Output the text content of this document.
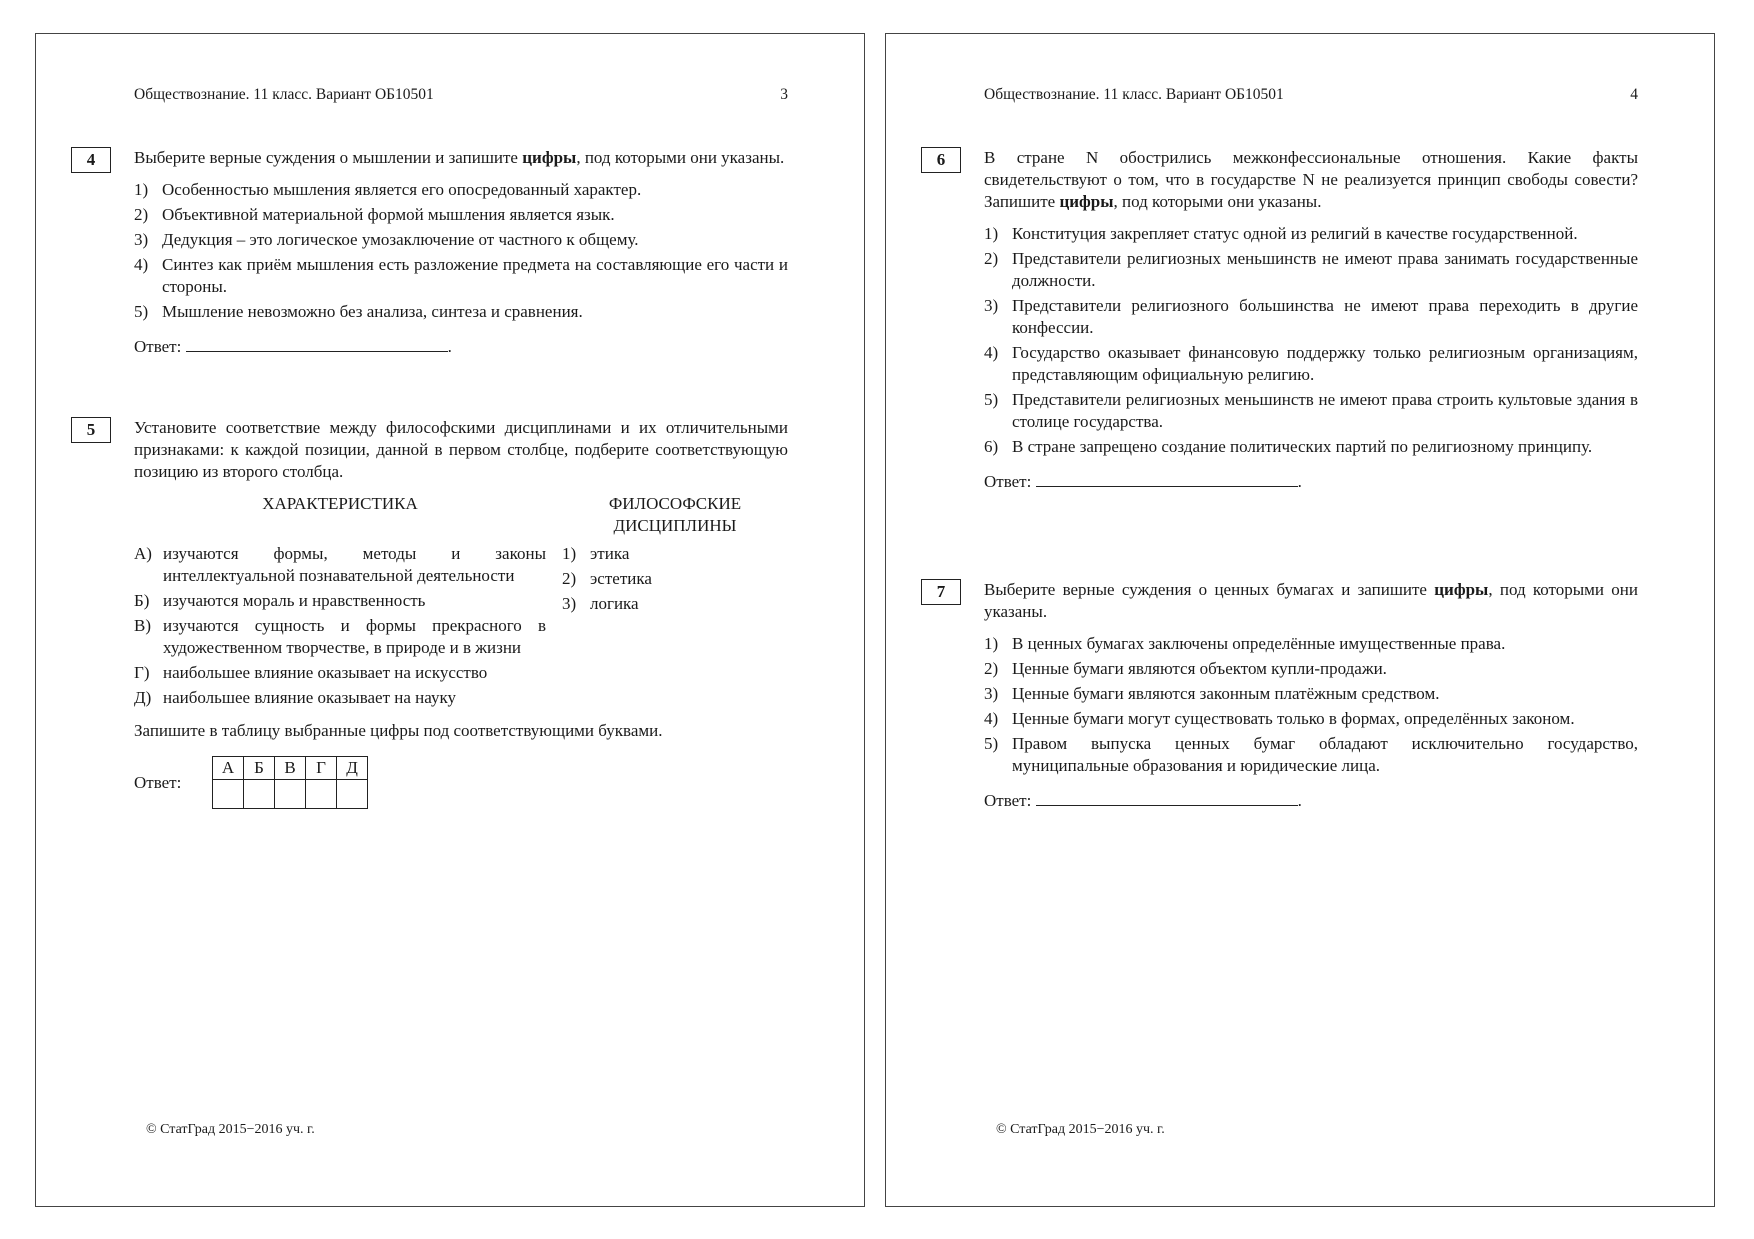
Обществознание. 11 класс. Вариант ОБ10501	3
4	Выберите верные суждения о мышлении и запишите цифры, под которыми они указаны.

1) Особенностью мышления является его опосредованный характер.
2) Объективной материальной формой мышления является язык.
3) Дедукция – это логическое умозаключение от частного к общему.
4) Синтез как приём мышления есть разложение предмета на составляющие его части и стороны.
5) Мышление невозможно без анализа, синтеза и сравнения.
Ответ:	.
5	Установите соответствие между философскими дисциплинами и их отличительными признаками: к каждой позиции, данной в первом столбце, подберите соответствующую позицию из второго столбца.

ХАРАКТЕРИСТИКА
А) изучаются формы, методы и законы интеллектуальной познавательной деятельности
Б) изучаются мораль и нравственность
В) изучаются сущность и формы прекрасного в художественном творчестве, в природе и в жизни
Г) наибольшее влияние оказывает на искусство
Д) наибольшее влияние оказывает на науку
ФИЛОСОФСКИЕ
ДИСЦИПЛИНЫ
1) этика
2) эстетика
3) логика

Запишите в таблицу выбранные цифры под соответствующими буквами.

Ответ:
А	Б	В	Г	Д

© СтатГрад 2015−2016 уч. г.
Обществознание. 11 класс. Вариант ОБ10501	4
6	В стране N обострились межконфессиональные отношения. Какие факты свидетельствуют о том, что в государстве N не реализуется принцип свободы совести? Запишите цифры, под которыми они указаны.

1) Конституция закрепляет статус одной из религий в качестве государственной.
2) Представители религиозных меньшинств не имеют права занимать государственные должности.
3) Представители религиозного большинства не имеют права переходить в другие конфессии.
4) Государство оказывает финансовую поддержку только религиозным организациям, представляющим официальную религию.
5) Представители религиозных меньшинств не имеют права строить культовые здания в столице государства.
6) В стране запрещено создание политических партий по религиозному принципу.
Ответ:	.
7	Выберите верные суждения о ценных бумагах и запишите цифры, под которыми они указаны.

1) В ценных бумагах заключены определённые имущественные права.
2) Ценные бумаги являются объектом купли-продажи.
3) Ценные бумаги являются законным платёжным средством.
4) Ценные бумаги могут существовать только в формах, определённых законом.
5) Правом выпуска ценных бумаг обладают исключительно государство, муниципальные образования и юридические лица.
Ответ:	.
© СтатГрад 2015−2016 уч. г.
